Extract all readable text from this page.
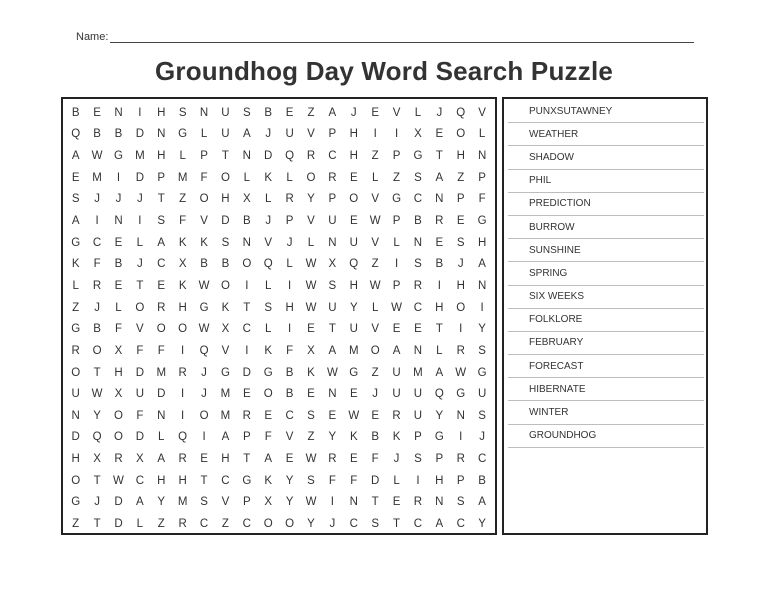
Name:
Groundhog Day Word Search Puzzle
B	E	N	I	H	S	N	U	S	B	E	Z	A	J	E	V	L	J	Q	V
Q	B	B	D	N	G	L	U	A	J	U	V	P	H	I	I	X	E	O	L
A	W G	M	H	L	P	T	N	D	Q	R	C	H	Z	P	G	T	H	N
E	M	I	D	P	M	F	O	L	K	L	O	R	E	L	Z	S	A	Z	P
S	J	J	J	T	Z	O	H	X	L	R	Y	P	O	V	G	C	N	P	F
A	I	N	I	S	F	V	D	B	J	P	V	U	E	W	P	B	R	E	G
G	C	E	L	A	K	K	S	N	V	J	L	N	U	V	L	N	E	S	H
K	F	B	J	C	X	B	B	O	Q	L	W	X	Q	Z	I	S	B	J	A
L	R	E	T	E	K	W O	I	L	I	W	S	H	W	P	R	I	H	N
Z	J	L	O	R	H	G	K	T	S	H	W	U	Y	L	W	C	H	O	I
G	B	F	V	O	O W	X	C	L	I	E	T	U	V	E	E	T	I	Y
R	O	X	F	F	I	Q	V	I	K	F	X	A	M	O	A	N	L	R	S
O	T	H	D	M	R	J	G	D	G	B	K	W G	Z	U	M	A	W G
U	W	X	U	D	I	J	M	E	O	B	E	N	E	J	U	U	Q	G	U
N	Y	O	F	N	I	O	M	R	E	C	S	E	W	E	R	U	Y	N	S
D	Q	O	D	L	Q	I	A	P	F	V	Z	Y	K	B	K	P	G	I	J
H	X	R	X	A	R	E	H	T	A	E	W	R	E	F	J	S	P	R	C
O	T	W	C	H	H	T	C	G	K	Y	S	F	F	D	L	I	H	P	B
G	J	D	A	Y	M	S	V	P	X	Y	W	I	N	T	E	R	N	S	A
Z	T	D	L	Z	R	C	Z	C	O	O	Y	J	C	S	T	C	A	C	Y
PUNXSUTAWNEY
WEATHER
SHADOW
PHIL
PREDICTION
BURROW
SUNSHINE
SPRING
SIX WEEKS
FOLKLORE
FEBRUARY
FORECAST
HIBERNATE
WINTER
GROUNDHOG
